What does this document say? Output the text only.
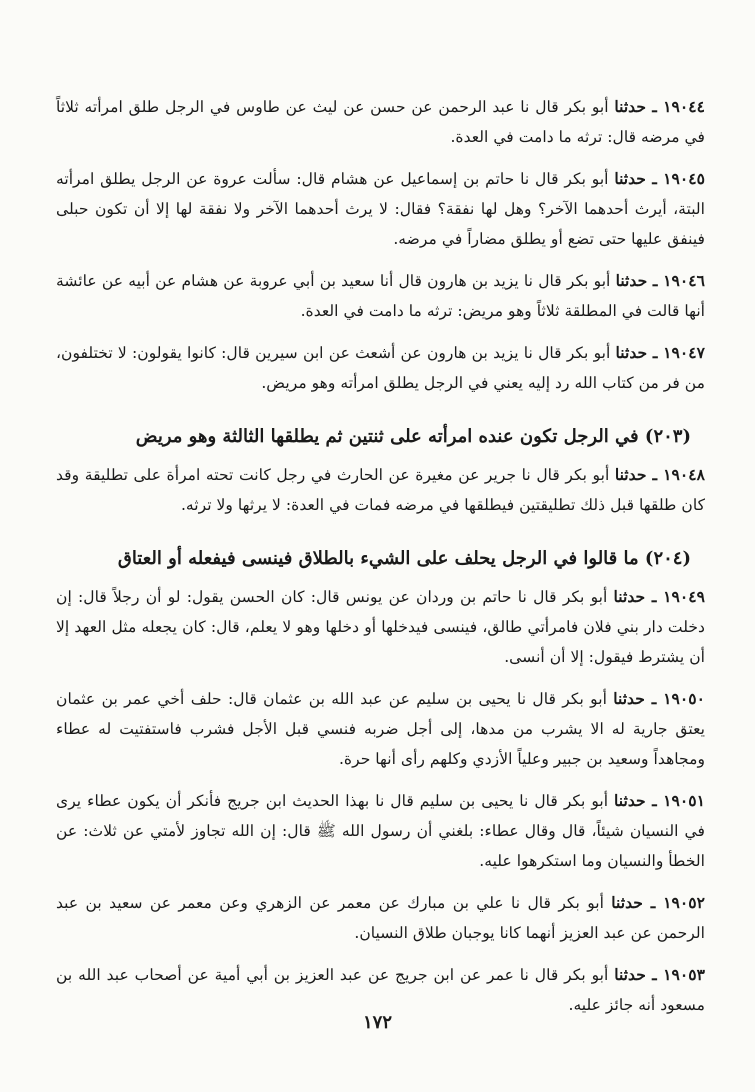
١٩٠٤٤ ـ حدثنا أبو بكر قال نا عبد الرحمن عن حسن عن ليث عن طاوس في الرجل طلق امرأته ثلاثاً في مرضه قال: ترثه ما دامت في العدة.

١٩٠٤٥ ـ حدثنا أبو بكر قال نا حاتم بن إسماعيل عن هشام قال: سألت عروة عن الرجل يطلق امرأته البتة، أيرث أحدهما الآخر؟ وهل لها نفقة؟ فقال: لا يرث أحدهما الآخر ولا نفقة لها إلا أن تكون حبلى فينفق عليها حتى تضع أو يطلق مضاراً في مرضه.

١٩٠٤٦ ـ حدثنا أبو بكر قال نا يزيد بن هارون قال أنا سعيد بن أبي عروبة عن هشام عن أبيه عن عائشة أنها قالت في المطلقة ثلاثاً وهو مريض: ترثه ما دامت في العدة.

١٩٠٤٧ ـ حدثنا أبو بكر قال نا يزيد بن هارون عن أشعث عن ابن سيرين قال: كانوا يقولون: لا تختلفون، من فر من كتاب الله رد إليه يعني في الرجل يطلق امرأته وهو مريض.

(٢٠٣) في الرجل تكون عنده امرأته على ثنتين ثم يطلقها الثالثة وهو مريض

١٩٠٤٨ ـ حدثنا أبو بكر قال نا جرير عن مغيرة عن الحارث في رجل كانت تحته امرأة على تطليقة وقد كان طلقها قبل ذلك تطليقتين فيطلقها في مرضه فمات في العدة: لا يرثها ولا ترثه.

(٢٠٤) ما قالوا في الرجل يحلف على الشيء بالطلاق فينسى فيفعله أو العتاق

١٩٠٤٩ ـ حدثنا أبو بكر قال نا حاتم بن وردان عن يونس قال: كان الحسن يقول: لو أن رجلاً قال: إن دخلت دار بني فلان فامرأتي طالق، فينسى فيدخلها أو دخلها وهو لا يعلم، قال: كان يجعله مثل العهد إلا أن يشترط فيقول: إلا أن أنسى.

١٩٠٥٠ ـ حدثنا أبو بكر قال نا يحيى بن سليم عن عبد الله بن عثمان قال: حلف أخي عمر بن عثمان يعتق جارية له الا يشرب من مدها، إلى أجل ضربه فنسي قبل الأجل فشرب فاستفتيت له عطاء ومجاهداً وسعيد بن جبير وعلياً الأزدي وكلهم رأى أنها حرة.

١٩٠٥١ ـ حدثنا أبو بكر قال نا يحيى بن سليم قال نا بهذا الحديث ابن جريج فأنكر أن يكون عطاء يرى في النسيان شيئاً، قال وقال عطاء: بلغني أن رسول الله ﷺ قال: إن الله تجاوز لأمتي عن ثلاث: عن الخطأ والنسيان وما استكرهوا عليه.

١٩٠٥٢ ـ حدثنا أبو بكر قال نا علي بن مبارك عن معمر عن الزهري وعن معمر عن سعيد بن عبد الرحمن عن عبد العزيز أنهما كانا يوجبان طلاق النسيان.

١٩٠٥٣ ـ حدثنا أبو بكر قال نا عمر عن ابن جريج عن عبد العزيز بن أبي أمية عن أصحاب عبد الله بن مسعود أنه جائز عليه.

١٧٢
